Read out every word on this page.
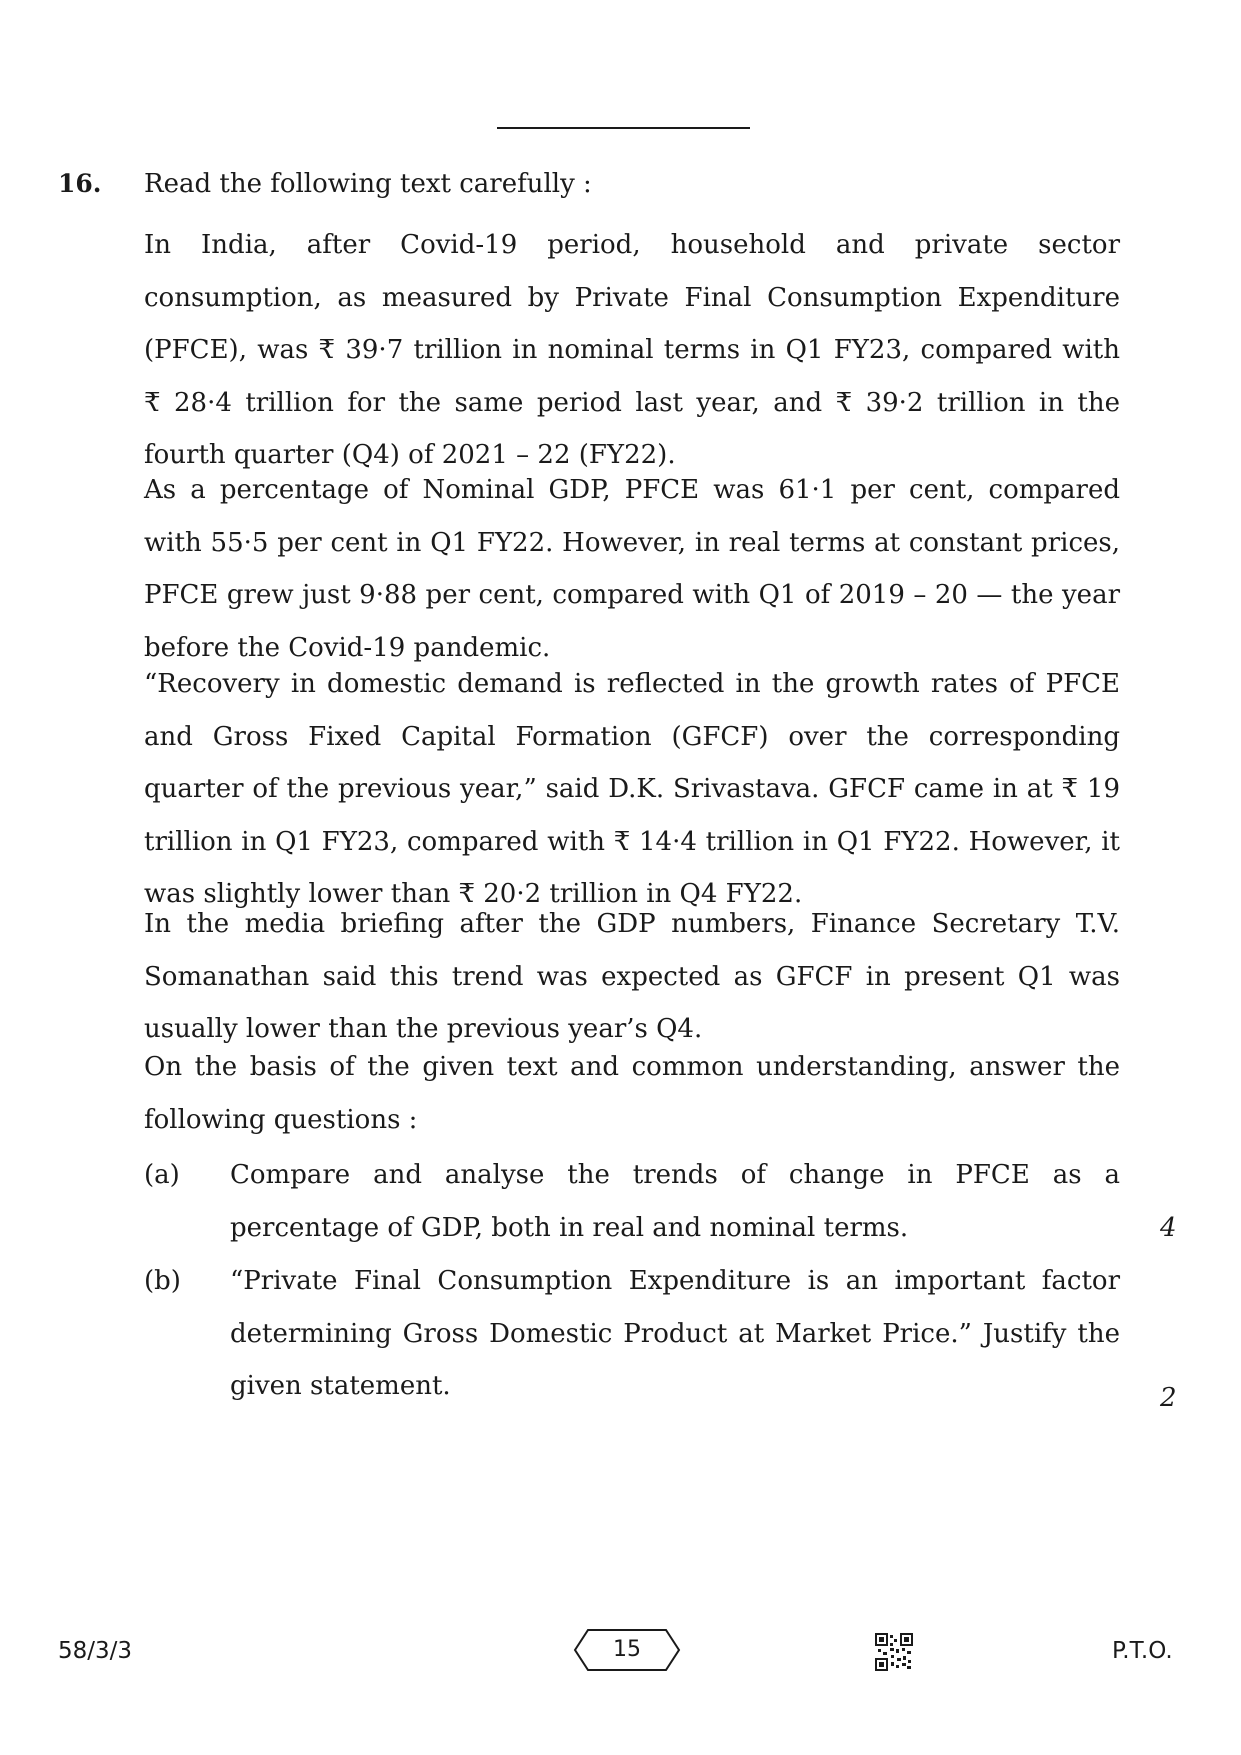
16. Read the following text carefully :

In India, after Covid-19 period, household and private sector consumption, as measured by Private Final Consumption Expenditure (PFCE), was ₹ 39·7 trillion in nominal terms in Q1 FY23, compared with ₹ 28·4 trillion for the same period last year, and ₹ 39·2 trillion in the fourth quarter (Q4) of 2021 – 22 (FY22).

As a percentage of Nominal GDP, PFCE was 61·1 per cent, compared with 55·5 per cent in Q1 FY22. However, in real terms at constant prices, PFCE grew just 9·88 per cent, compared with Q1 of 2019 – 20 — the year before the Covid-19 pandemic.

“Recovery in domestic demand is reflected in the growth rates of PFCE and Gross Fixed Capital Formation (GFCF) over the corresponding quarter of the previous year,” said D.K. Srivastava. GFCF came in at ₹ 19 trillion in Q1 FY23, compared with ₹ 14·4 trillion in Q1 FY22. However, it was slightly lower than ₹ 20·2 trillion in Q4 FY22.

In the media briefing after the GDP numbers, Finance Secretary T.V. Somanathan said this trend was expected as GFCF in present Q1 was usually lower than the previous year’s Q4.

On the basis of the given text and common understanding, answer the following questions :

(a) Compare and analyse the trends of change in PFCE as a percentage of GDP, both in real and nominal terms.	4
(b) “Private Final Consumption Expenditure is an important factor determining Gross Domestic Product at Market Price.” Justify the given statement.	2
58/3/3	15	P.T.O.
